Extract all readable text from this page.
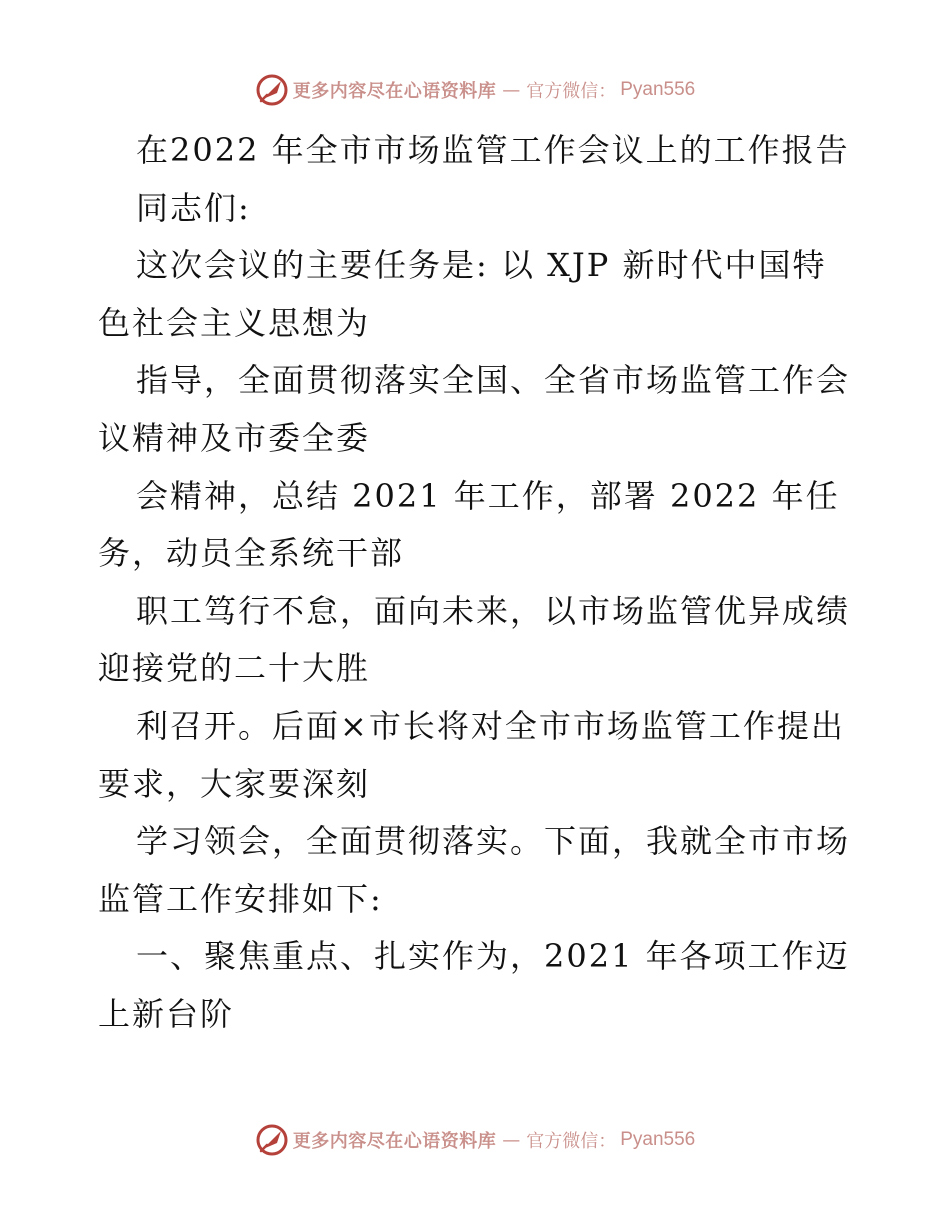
更多内容尽在心语资料库 — 官方微信： Pyan556
在2022 年全市市场监管工作会议上的工作报告
同志们:
这次会议的主要任务是: 以 XJP 新时代中国特
色社会主义思想为
指导，全面贯彻落实全国、全省市场监管工作会
议精神及市委全委
会精神，总结 2021 年工作，部署 2022 年任
务，动员全系统干部
职工笃行不怠，面向未来，以市场监管优异成绩
迎接党的二十大胜
利召开。后面×市长将对全市市场监管工作提出
要求，大家要深刻
学习领会，全面贯彻落实。下面，我就全市市场
监管工作安排如下:
一、聚焦重点、扎实作为，2021 年各项工作迈
上新台阶
更多内容尽在心语资料库 — 官方微信： Pyan556
